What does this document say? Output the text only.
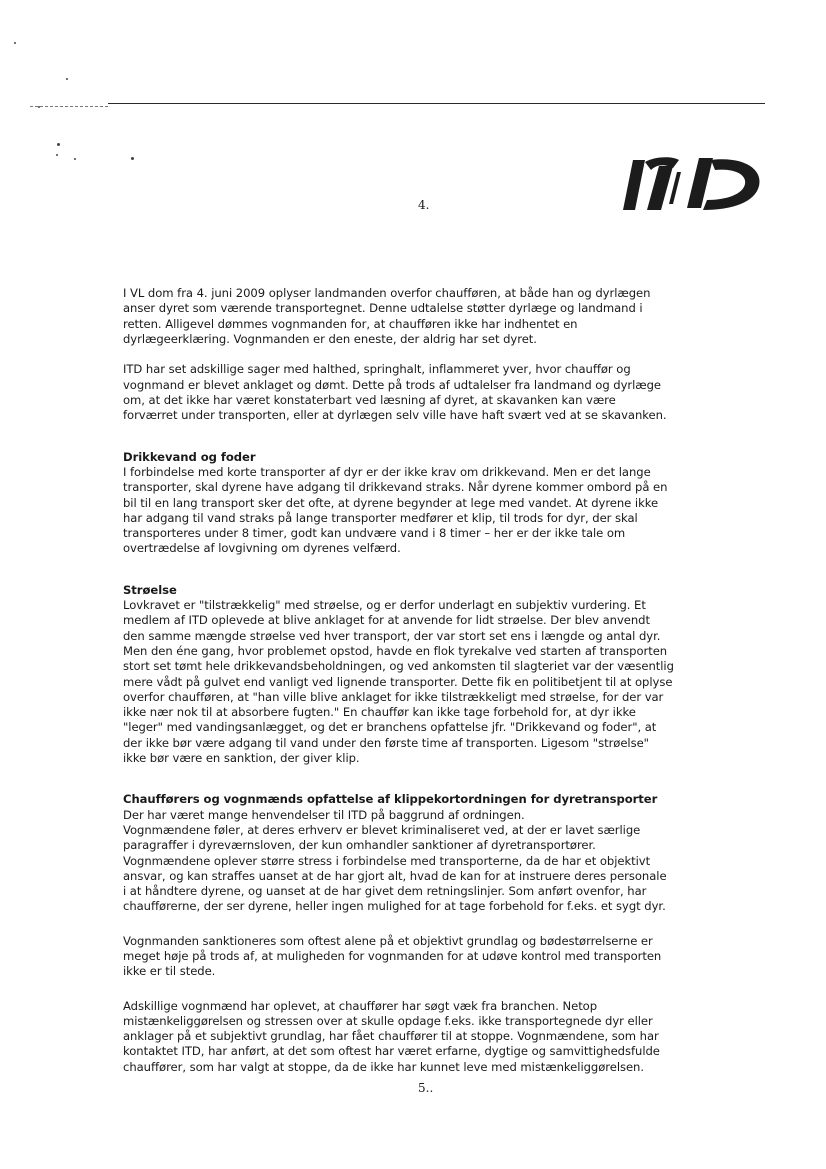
4.
I VL dom fra 4. juni 2009 oplyser landmanden overfor chaufføren, at både han og dyrlægen
anser dyret som værende transportegnet. Denne udtalelse støtter dyrlæge og landmand i
retten. Alligevel dømmes vognmanden for, at chaufføren ikke har indhentet en
dyrlægeerklæring. Vognmanden er den eneste, der aldrig har set dyret.
ITD har set adskillige sager med halthed, springhalt, inflammeret yver, hvor chauffør og
vognmand er blevet anklaget og dømt. Dette på trods af udtalelser fra landmand og dyrlæge
om, at det ikke har været konstaterbart ved læsning af dyret, at skavanken kan være
forværret under transporten, eller at dyrlægen selv ville have haft svært ved at se skavanken.
Drikkevand og foder
I forbindelse med korte transporter af dyr er der ikke krav om drikkevand. Men er det lange
transporter, skal dyrene have adgang til drikkevand straks. Når dyrene kommer ombord på en
bil til en lang transport sker det ofte, at dyrene begynder at lege med vandet. At dyrene ikke
har adgang til vand straks på lange transporter medfører et klip, til trods for dyr, der skal
transporteres under 8 timer, godt kan undvære vand i 8 timer – her er der ikke tale om
overtrædelse af lovgivning om dyrenes velfærd.
Strøelse
Lovkravet er "tilstrækkelig" med strøelse, og er derfor underlagt en subjektiv vurdering. Et
medlem af ITD oplevede at blive anklaget for at anvende for lidt strøelse. Der blev anvendt
den samme mængde strøelse ved hver transport, der var stort set ens i længde og antal dyr.
Men den éne gang, hvor problemet opstod, havde en flok tyrekalve ved starten af transporten
stort set tømt hele drikkevandsbeholdningen, og ved ankomsten til slagteriet var der væsentlig
mere vådt på gulvet end vanligt ved lignende transporter. Dette fik en politibetjent til at oplyse
overfor chaufføren, at "han ville blive anklaget for ikke tilstrækkeligt med strøelse, for der var
ikke nær nok til at absorbere fugten." En chauffør kan ikke tage forbehold for, at dyr ikke
"leger" med vandingsanlægget, og det er branchens opfattelse jfr. "Drikkevand og foder", at
der ikke bør være adgang til vand under den første time af transporten. Ligesom "strøelse"
ikke bør være en sanktion, der giver klip.
Chaufførers og vognmænds opfattelse af klippekortordningen for dyretransporter
Der har været mange henvendelser til ITD på baggrund af ordningen.
Vognmændene føler, at deres erhverv er blevet kriminaliseret ved, at der er lavet særlige
paragraffer i dyreværnsloven, der kun omhandler sanktioner af dyretransportører.
Vognmændene oplever større stress i forbindelse med transporterne, da de har et objektivt
ansvar, og kan straffes uanset at de har gjort alt, hvad de kan for at instruere deres personale
i at håndtere dyrene, og uanset at de har givet dem retningslinjer. Som anført ovenfor, har
chaufførerne, der ser dyrene, heller ingen mulighed for at tage forbehold for f.eks. et sygt dyr.
Vognmanden sanktioneres som oftest alene på et objektivt grundlag og bødestørrelserne er
meget høje på trods af, at muligheden for vognmanden for at udøve kontrol med transporten
ikke er til stede.
Adskillige vognmænd har oplevet, at chauffører har søgt væk fra branchen. Netop
mistænkeliggørelsen og stressen over at skulle opdage f.eks. ikke transportegnede dyr eller
anklager på et subjektivt grundlag, har fået chauffører til at stoppe. Vognmændene, som har
kontaktet ITD, har anført, at det som oftest har været erfarne, dygtige og samvittighedsfulde
chauffører, som har valgt at stoppe, da de ikke har kunnet leve med mistænkeliggørelsen.
5..
